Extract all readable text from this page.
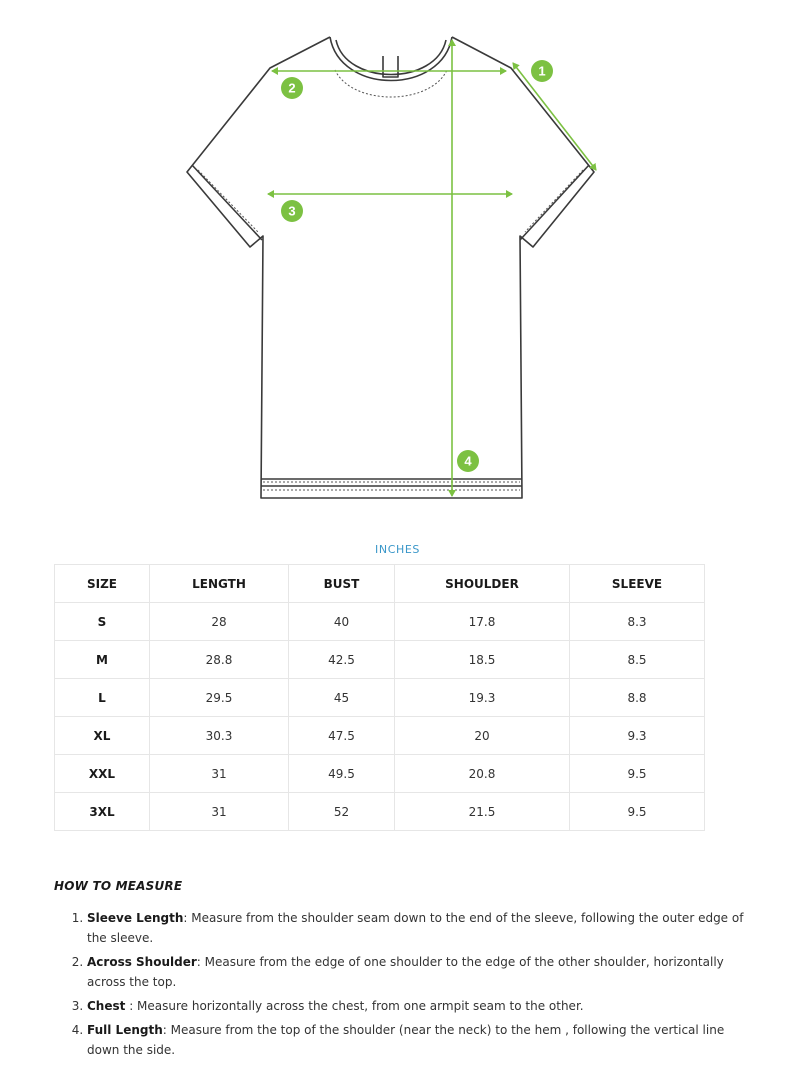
1
2
3
4
INCHES
SIZE	LENGTH	BUST	SHOULDER	SLEEVE
S	28	40	17.8	8.3
M	28.8	42.5	18.5	8.5
L	29.5	45	19.3	8.8
XL	30.3	47.5	20	9.3
XXL	31	49.5	20.8	9.5
3XL	31	52	21.5	9.5
HOW TO MEASURE
1. Sleeve Length: Measure from the shoulder seam down to the end of the sleeve, following the outer edge of the sleeve.
2. Across Shoulder: Measure from the edge of one shoulder to the edge of the other shoulder, horizontally across the top.
3. Chest : Measure horizontally across the chest, from one armpit seam to the other.
4. Full Length: Measure from the top of the shoulder (near the neck) to the hem , following the vertical line down the side.
